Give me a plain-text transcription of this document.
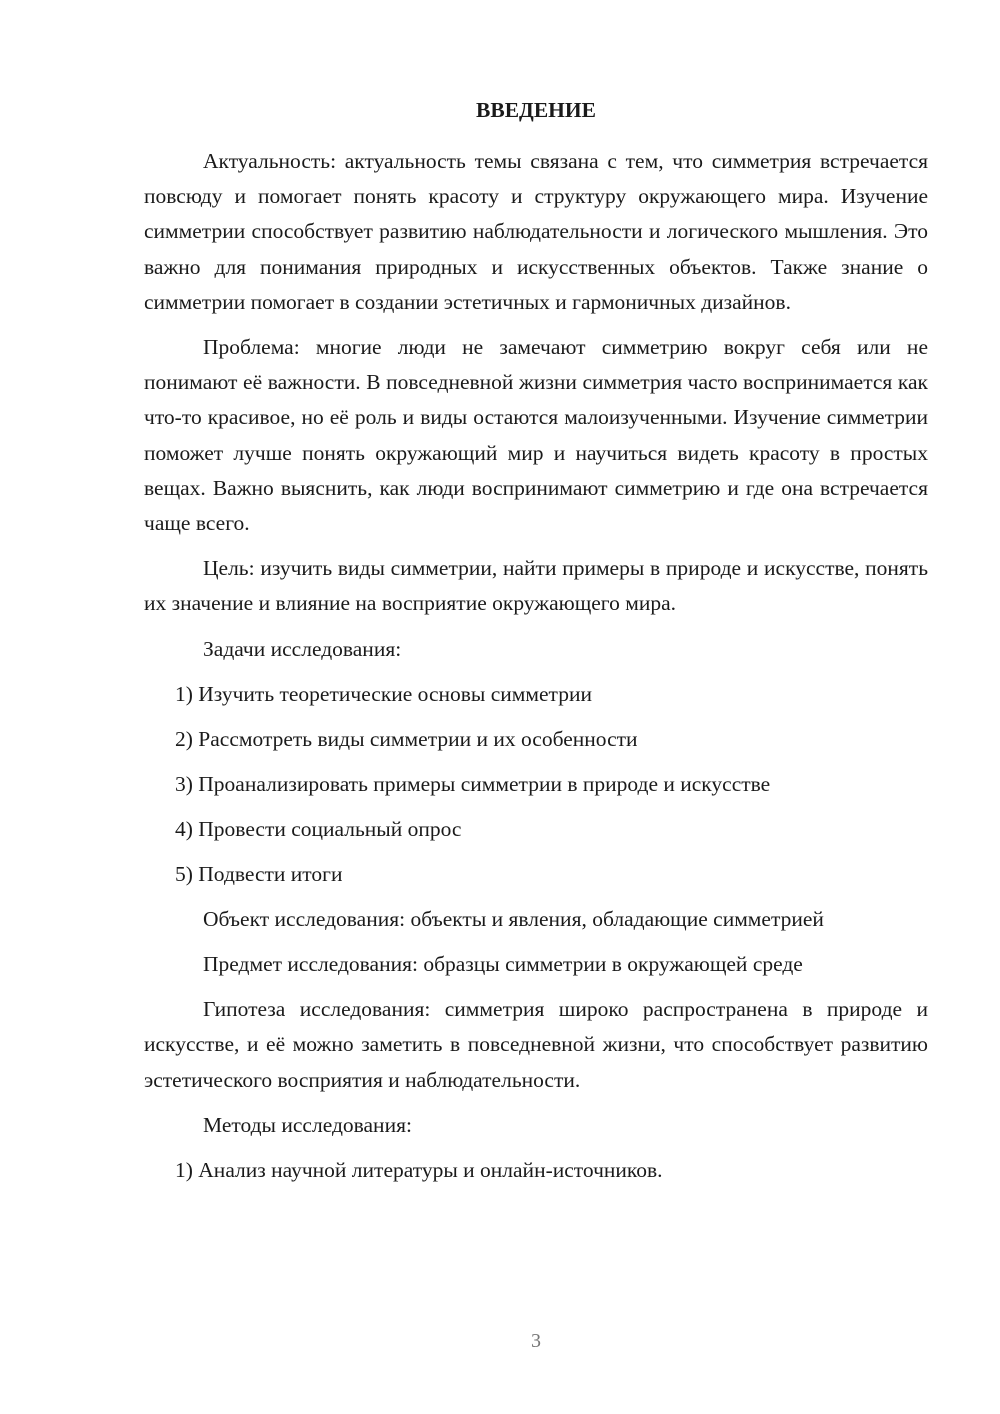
ВВЕДЕНИЕ

Актуальность: актуальность темы связана с тем, что симметрия встречается повсюду и помогает понять красоту и структуру окружающего мира. Изучение симметрии способствует развитию наблюдательности и логического мышления. Это важно для понимания природных и искусственных объектов. Также знание о симметрии помогает в создании эстетичных и гармоничных дизайнов.

Проблема: многие люди не замечают симметрию вокруг себя или не понимают её важности. В повседневной жизни симметрия часто воспринимается как что-то красивое, но её роль и виды остаются малоизученными. Изучение симметрии поможет лучше понять окружающий мир и научиться видеть красоту в простых вещах. Важно выяснить, как люди воспринимают симметрию и где она встречается чаще всего.

Цель: изучить виды симметрии, найти примеры в природе и искусстве, понять их значение и влияние на восприятие окружающего мира.

Задачи исследования:

1) Изучить теоретические основы симметрии
2) Рассмотреть виды симметрии и их особенности
3) Проанализировать примеры симметрии в природе и искусстве
4) Провести социальный опрос
5) Подвести итоги

Объект исследования: объекты и явления, обладающие симметрией

Предмет исследования: образцы симметрии в окружающей среде

Гипотеза исследования: симметрия широко распространена в природе и искусстве, и её можно заметить в повседневной жизни, что способствует развитию эстетического восприятия и наблюдательности.

Методы исследования:

1) Анализ научной литературы и онлайн-источников.
3
